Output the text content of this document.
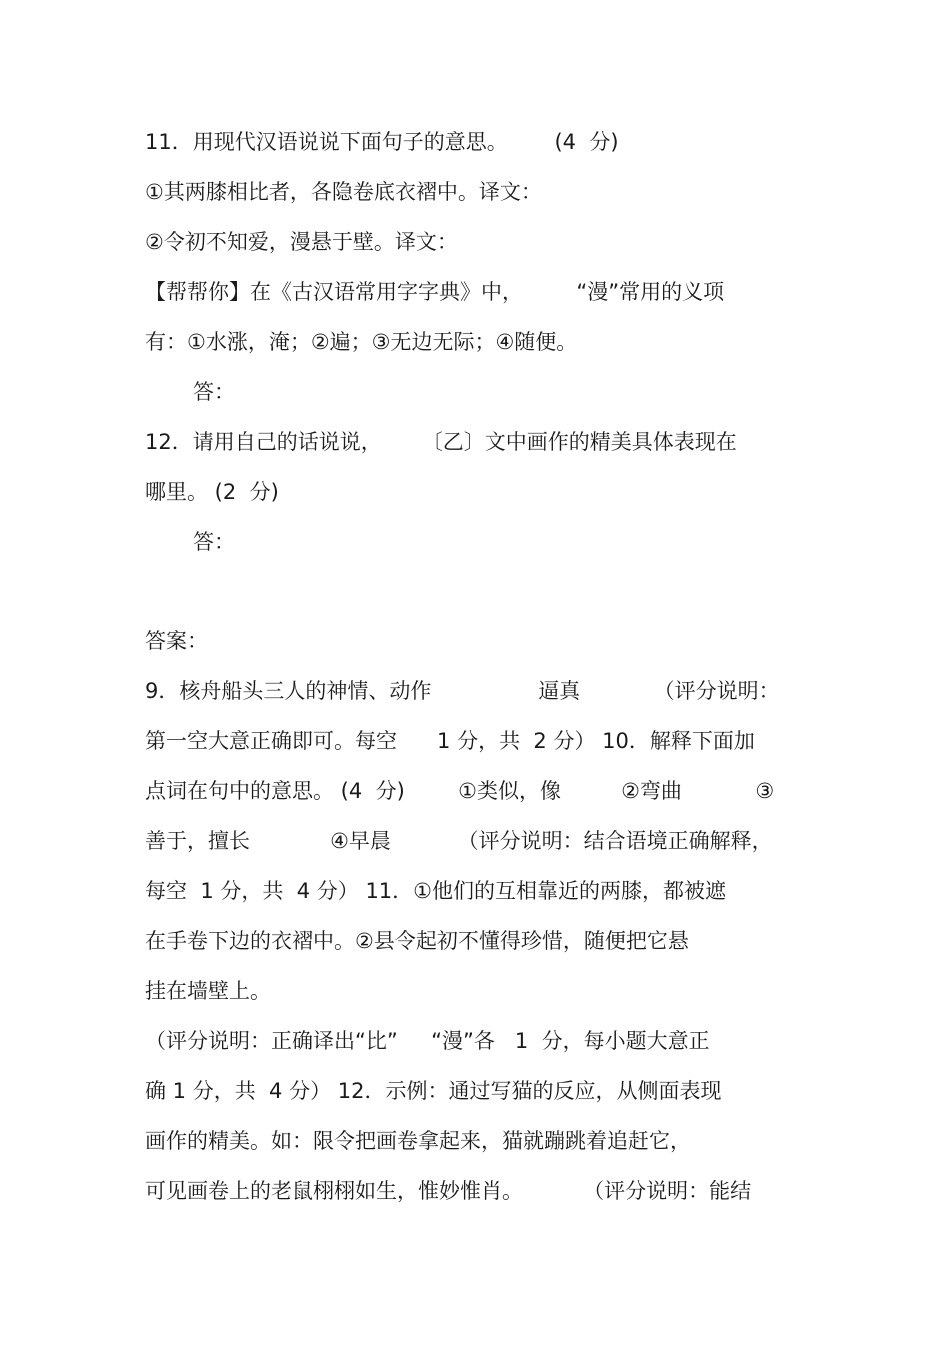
11．用现代汉语说说下面句子的意思。       (4  分)
①其两膝相比者，各隐卷底衣褶中。译文：
②令初不知爱，漫悬于壁。译文：
【帮帮你】在《古汉语常用字字典》中，        “漫”常用的义项
有：①水涨，淹；②遍；③无边无际；④随便。
答：
12．请用自己的话说说，      〔乙〕文中画作的精美具体表现在
哪里。 (2  分)
答：
答案：
9．核舟船头三人的神情、动作                逼真           （评分说明：
第一空大意正确即可。每空      1 分，共  2 分） 10．解释下面加
点词在句中的意思。 (4  分)        ①类似，像         ②弯曲           ③
善于，擅长            ④早晨          （评分说明：结合语境正确解释，
每空  1 分，共  4 分） 11．①他们的互相靠近的两膝，都被遮
在手卷下边的衣褶中。②县令起初不懂得珍惜，随便把它悬
挂在墙壁上。
（评分说明：正确译出“比”     “漫”各   1  分，每小题大意正
确 1 分，共  4 分） 12．示例：通过写猫的反应，从侧面表现
画作的精美。如：限令把画卷拿起来，猫就蹦跳着追赶它，
可见画卷上的老鼠栩栩如生，惟妙惟肖。         （评分说明：能结
